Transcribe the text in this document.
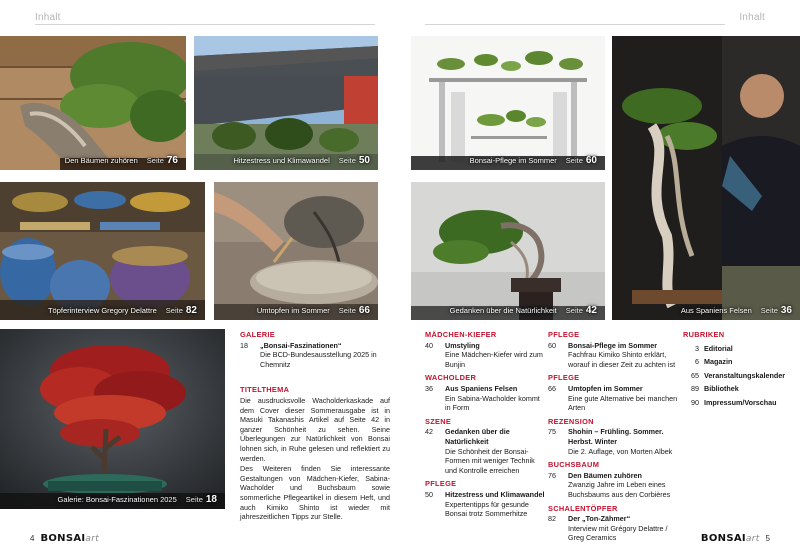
Inhalt	Inhalt
Den Bäumen zuhören Seite 76	Hitzestress und Klimawandel Seite 50	Bonsai-Pflege im Sommer Seite 60
Aus Spaniens Felsen Seite 36
Töpferinterview Gregory Delattre Seite 82	Umtopfen im Sommer Seite 66	Gedanken über die Natürlichkeit Seite 42
Galerie: Bonsai-Faszinationen 2025 Seite 18
GALERIE
18	„Bonsai-Faszinationen“
Die BCD-Bundesausstellung 2025 in Chemnitz
TITELTHEMA
Die ausdrucksvolle Wacholderkaskade auf dem Cover dieser Sommerausgabe ist in Masuki Takanashis Artikel auf Seite 42 in ganzer Schönheit zu sehen. Seine Überlegungen zur Natürlichkeit von Bonsai lohnen sich, in Ruhe gelesen und reflektiert zu werden.
Des Weiteren finden Sie interessante Gestaltungen von Mädchen-Kiefer, Sabina-Wacholder und Buchsbaum sowie sommerliche Pflegeartikel in diesem Heft, und auch Kimiko Shinto ist wieder mit jahreszeitlichen Tipps zur Stelle.
MÄDCHEN-KIEFER
40	Umstyling
Eine Mädchen-Kiefer wird zum Bunjin
WACHOLDER
36	Aus Spaniens Felsen
Ein Sabina-Wacholder kommt in Form
SZENE
42	Gedanken über die Natürlichkeit
Die Schönheit der Bonsai-Formen mit weniger Technik und Kontrolle erreichen
PFLEGE
50	Hitzestress und Klimawandel
Expertentipps für gesunde Bonsai trotz Sommerhitze
PFLEGE
60	Bonsai-Pflege im Sommer
Fachfrau Kimiko Shinto erklärt, worauf in dieser Zeit zu achten ist
PFLEGE
66	Umtopfen im Sommer
Eine gute Alternative bei manchen Arten
REZENSION
75	Shohin – Frühling. Sommer. Herbst. Winter
Die 2. Auflage, von Morten Albek
BUCHSBAUM
76	Den Bäumen zuhören
Zwanzig Jahre im Leben eines Buchsbaums aus den Corbières
SCHALENTÖPFER
82	Der „Ton-Zähmer“
Interview mit Grégory Delattre / Greg Ceramics
RUBRIKEN
3 Editorial
6 Magazin
65 Veranstaltungskalender
89 Bibliothek
90 Impressum/Vorschau
4 BONSAIart	BONSAIart 5
